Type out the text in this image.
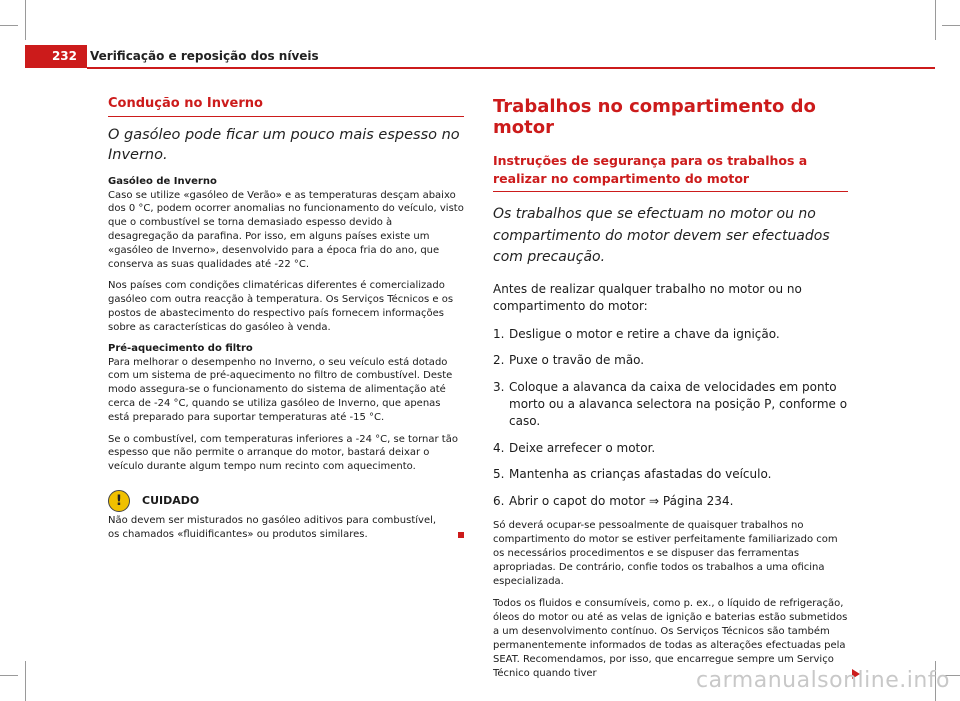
232	Verificação e reposição dos níveis
Condução no Inverno

O gasóleo pode ficar um pouco mais espesso no Inverno.

Gasóleo de Inverno

Caso se utilize «gasóleo de Verão» e as temperaturas desçam abaixo dos 0 °C, podem ocorrer anomalias no funcionamento do veículo, visto que o combustível se torna demasiado espesso devido à desagregação da parafina. Por isso, em alguns países existe um «gasóleo de Inverno», desenvolvido para a época fria do ano, que conserva as suas qualidades até -22 °C.

Nos países com condições climatéricas diferentes é comercializado gasóleo com outra reacção à temperatura. Os Serviços Técnicos e os postos de abastecimento do respectivo país fornecem informações sobre as características do gasóleo à venda.

Pré-aquecimento do filtro

Para melhorar o desempenho no Inverno, o seu veículo está dotado com um sistema de pré-aquecimento no filtro de combustível. Deste modo assegura-se o funcionamento do sistema de alimentação até cerca de -24 °C, quando se utiliza gasóleo de Inverno, que apenas está preparado para suportar temperaturas até -15 °C.

Se o combustível, com temperaturas inferiores a -24 °C, se tornar tão espesso que não permite o arranque do motor, bastará deixar o veículo durante algum tempo num recinto com aquecimento.

!	CUIDADO

Não devem ser misturados no gasóleo aditivos para combustível, os chamados «fluidificantes» ou produtos similares.

Trabalhos no compartimento do motor
Instruções de segurança para os trabalhos a realizar no compartimento do motor

Os trabalhos que se efectuam no motor ou no compartimento do motor devem ser efectuados com precaução.

Antes de realizar qualquer trabalho no motor ou no compartimento do motor:

1. Desligue o motor e retire a chave da ignição.
2. Puxe o travão de mão.
3. Coloque a alavanca da caixa de velocidades em ponto morto ou a alavanca selectora na posição P, conforme o caso.
4. Deixe arrefecer o motor.
5. Mantenha as crianças afastadas do veículo.
6. Abrir o capot do motor ⇒ Página 234.

Só deverá ocupar-se pessoalmente de quaisquer trabalhos no compartimento do motor se estiver perfeitamente familiarizado com os necessários procedimentos e se dispuser das ferramentas apropriadas. De contrário, confie todos os trabalhos a uma oficina especializada.

Todos os fluidos e consumíveis, como p. ex., o líquido de refrigeração, óleos do motor ou até as velas de ignição e baterias estão submetidos a um desenvolvimento contínuo. Os Serviços Técnicos são também permanentemente informados de todas as alterações efectuadas pela SEAT. Recomendamos, por isso, que encarregue sempre um Serviço Técnico quando tiver	carmanualsonline.info
